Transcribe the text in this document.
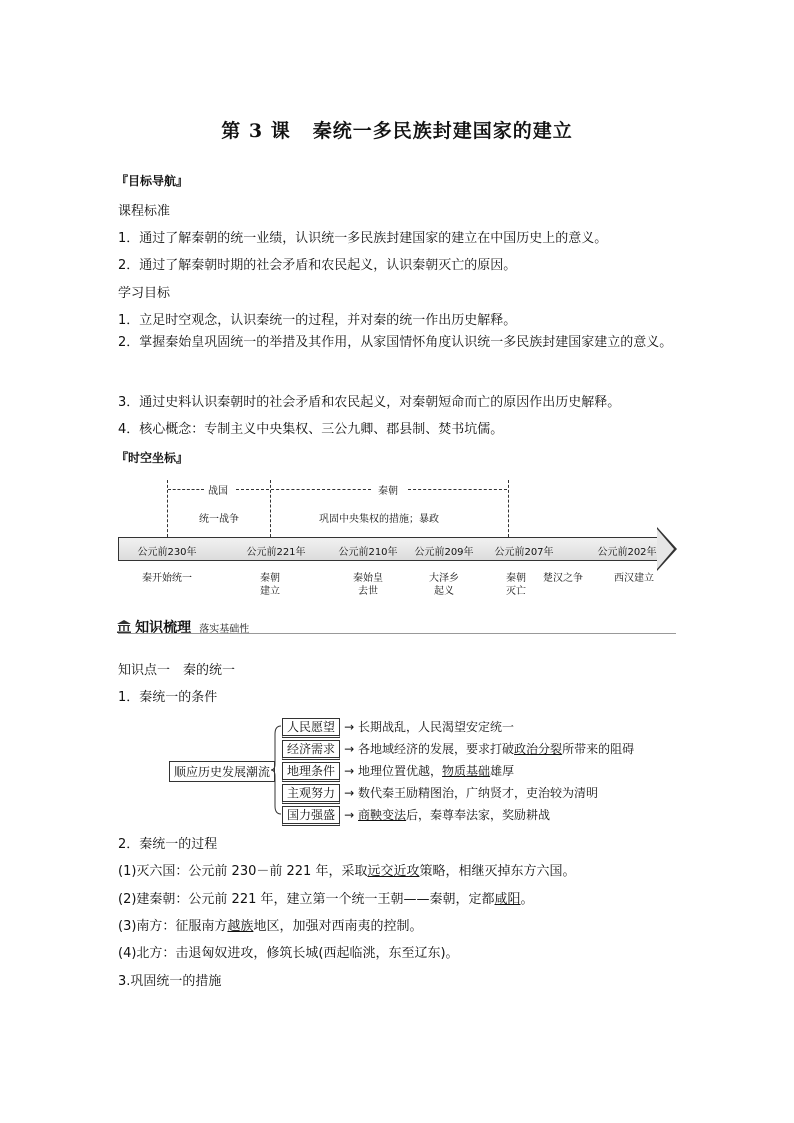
第 3 课 秦统一多民族封建国家的建立
『目标导航』
课程标准
1．通过了解秦朝的统一业绩，认识统一多民族封建国家的建立在中国历史上的意义。
2．通过了解秦朝时期的社会矛盾和农民起义，认识秦朝灭亡的原因。
学习目标
1．立足时空观念，认识秦统一的过程，并对秦的统一作出历史解释。
2．掌握秦始皇巩固统一的举措及其作用，从家国情怀角度认识统一多民族封建国家建立的意义。
3．通过史料认识秦朝时的社会矛盾和农民起义，对秦朝短命而亡的原因作出历史解释。
4．核心概念：专制主义中央集权、三公九卿、郡县制、焚书坑儒。
『时空坐标』
战国	秦朝
统一战争	巩固中央集权的措施；暴政
公元前230年	公元前221年	公元前210年 公元前209年 公元前207年	公元前202年
秦开始统一	秦朝
建立
秦始皇
去世
大泽乡
起义
秦朝
灭亡
楚汉之争	西汉建立
知识梳理 落实基础性
知识点一　秦的统一
1．秦统一的条件
顺应历史发展潮流
人民愿望 → 长期战乱，人民渴望安定统一
经济需求 → 各地域经济的发展，要求打破政治分裂所带来的阻碍
地理条件 → 地理位置优越，物质基础雄厚
主观努力 → 数代秦王励精图治，广纳贤才，吏治较为清明
国力强盛 → 商鞅变法后，秦尊奉法家，奖励耕战
2．秦统一的过程
(1)灭六国：公元前 230－前 221 年，采取远交近攻策略，相继灭掉东方六国。
(2)建秦朝：公元前 221 年，建立第一个统一王朝——秦朝，定都咸阳。
(3)南方：征服南方越族地区，加强对西南夷的控制。
(4)北方：击退匈奴进攻，修筑长城(西起临洮，东至辽东)。
3.巩固统一的措施
